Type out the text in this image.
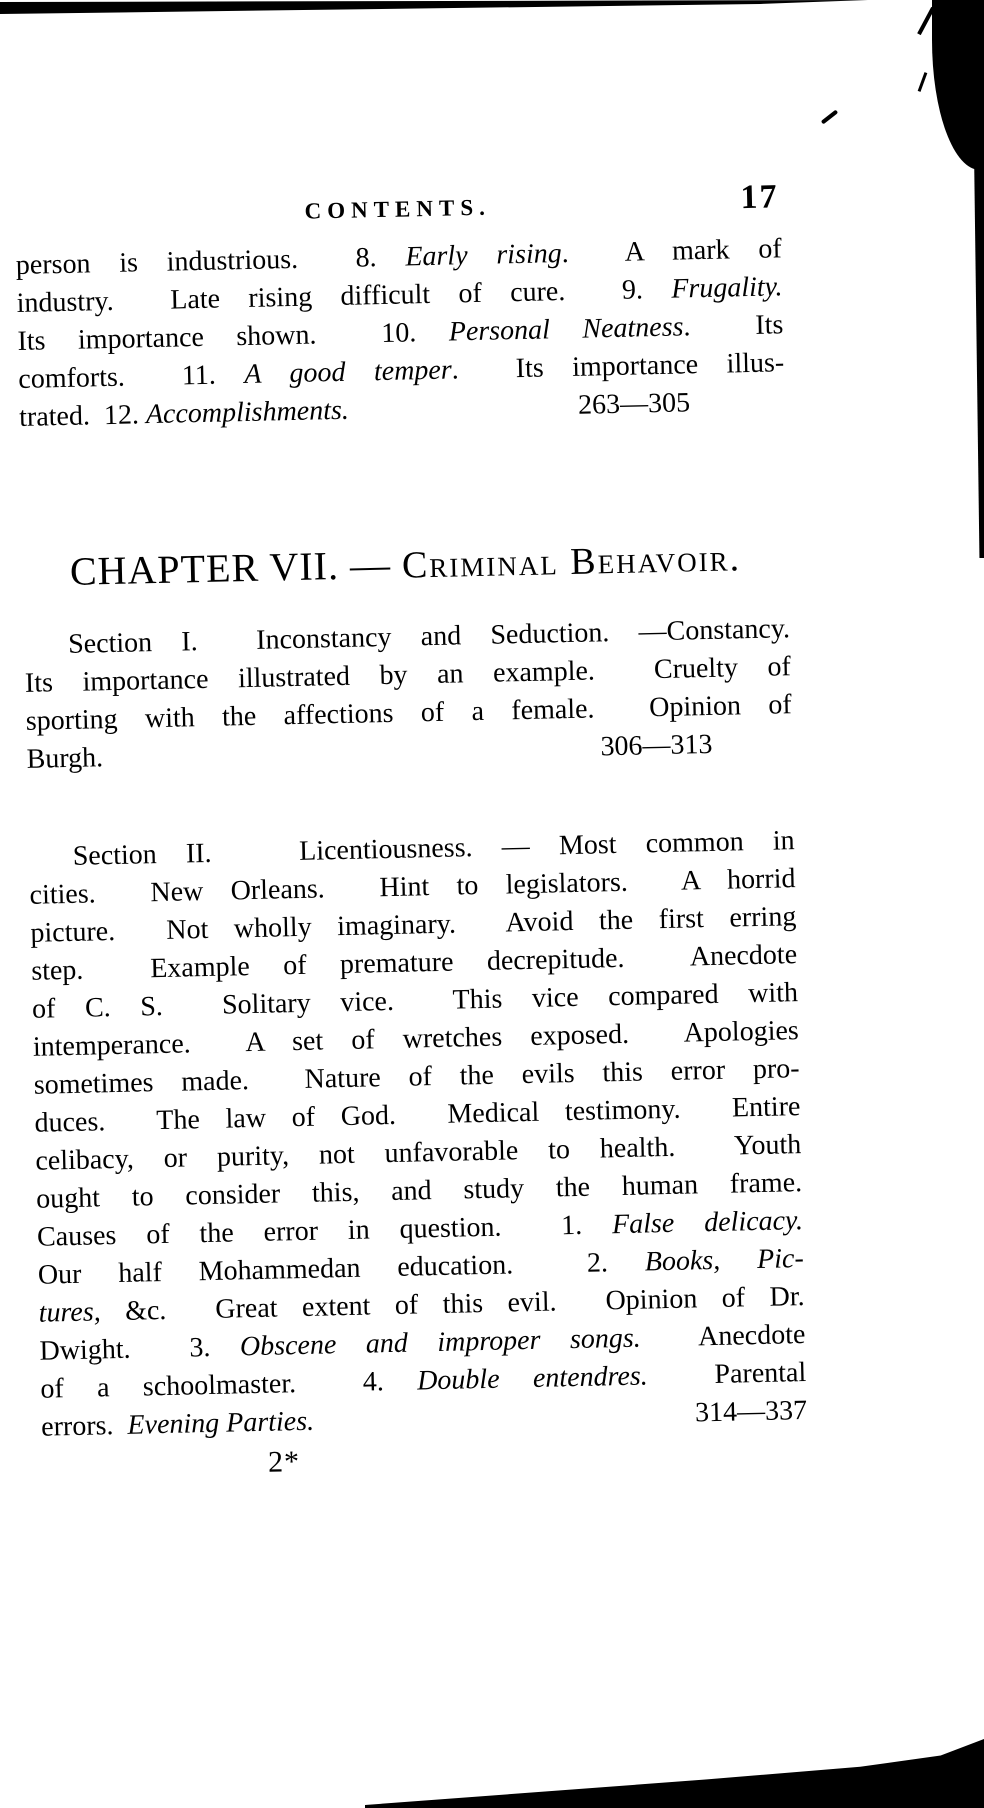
CONTENTS.	17
263—305
person is industrious.  8. Early rising.  A mark of
industry.  Late rising difficult of cure.  9. Frugality.
Its importance shown.  10. Personal Neatness.  Its
comforts.  11. A good temper.  Its importance illus-
trated.  12. Accomplishments.
CHAPTER VII. — Criminal Behavoir.
306—313
Section I.  Inconstancy and Seduction. —Constancy.
Its importance illustrated by an example.  Cruelty of
sporting with the affections of a female.  Opinion of
Burgh.
314—337
Section II.   Licentiousness. — Most common in
cities.  New Orleans.  Hint to legislators.  A horrid
picture.  Not wholly imaginary.  Avoid the first erring
step.  Example of premature decrepitude.  Anecdote
of C. S.  Solitary vice.  This vice compared with
intemperance.  A set of wretches exposed.  Apologies
sometimes made.  Nature of the evils this error pro-
duces.  The law of God.  Medical testimony.  Entire
celibacy, or purity, not unfavorable to health.  Youth
ought to consider this, and study the human frame.
Causes of the error in question.  1. False delicacy.
Our half Mohammedan education.  2. Books, Pic-
tures, &c.  Great extent of this evil.  Opinion of Dr.
Dwight.  3. Obscene and improper songs.  Anecdote
of a schoolmaster.  4. Double entendres.  Parental
errors.  Evening Parties.
2*
